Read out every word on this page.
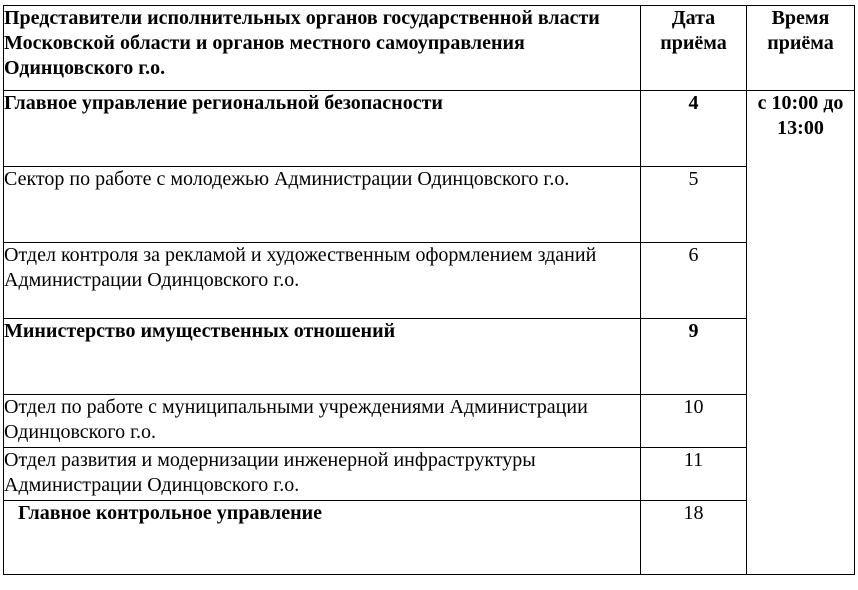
Представители исполнительных органов государственной власти Московской области и органов местного самоуправления Одинцовского г.о.	Дата приёма	Время приёма
Главное управление региональной безопасности	4	с 10:00 до 13:00
Сектор по работе с молодежью Администрации Одинцовского г.о.	5	
Отдел контроля за рекламой и художественным оформлением зданий Администрации Одинцовского г.о.	6	
Министерство имущественных отношений	9	
Отдел по работе с муниципальными учреждениями Администрации Одинцовского г.о.	10	
Отдел развития и модернизации инженерной инфраструктуры Администрации Одинцовского г.о.	11	
Главное контрольное управление	18	
